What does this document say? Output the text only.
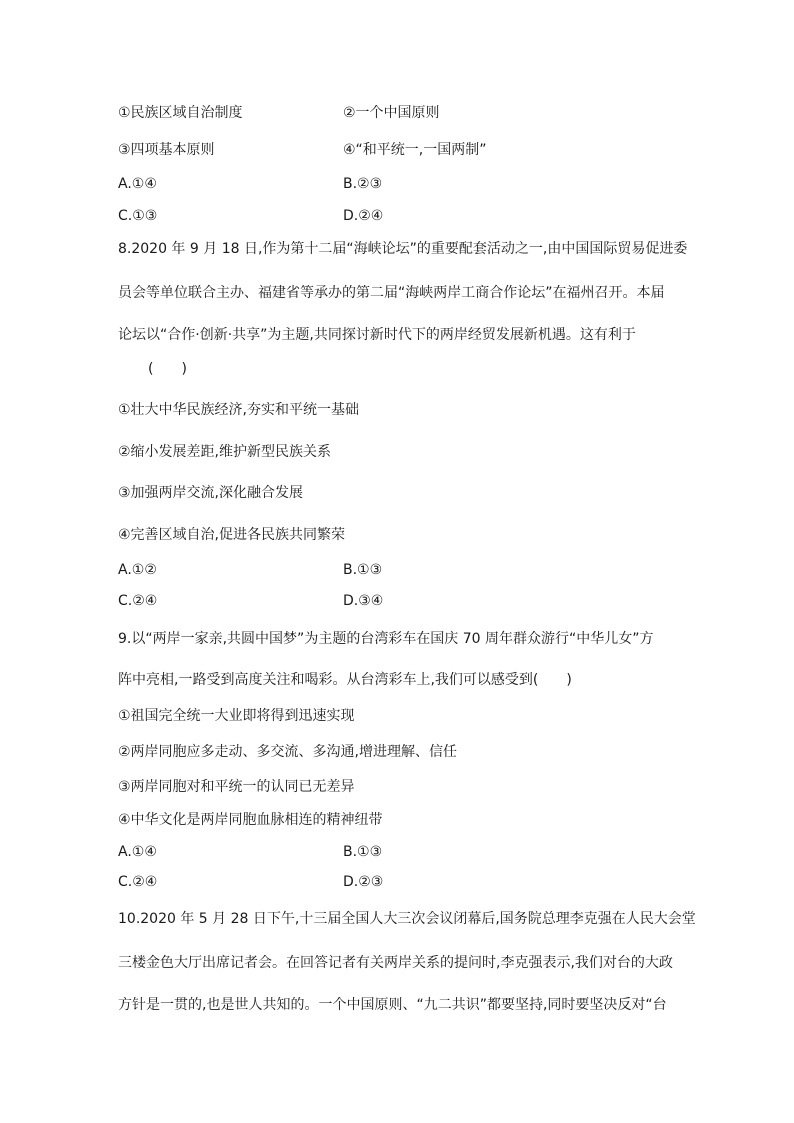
①民族区域自治制度	②一个中国原则
③四项基本原则	④“和平统一,一国两制”
A.①④	B.②③
C.①③	D.②④
8.2020 年 9 月 18 日,作为第十二届“海峡论坛”的重要配套活动之一,由中国国际贸易促进委
员会等单位联合主办、福建省等承办的第二届“海峡两岸工商合作论坛”在福州召开。本届
论坛以“合作·创新·共享”为主题,共同探讨新时代下的两岸经贸发展新机遇。这有利于
(　　)
①壮大中华民族经济,夯实和平统一基础
②缩小发展差距,维护新型民族关系
③加强两岸交流,深化融合发展
④完善区域自治,促进各民族共同繁荣
A.①②	B.①③
C.②④	D.③④
9.以“两岸一家亲,共圆中国梦”为主题的台湾彩车在国庆 70 周年群众游行“中华儿女”方
阵中亮相,一路受到高度关注和喝彩。从台湾彩车上,我们可以感受到(　　)
①祖国完全统一大业即将得到迅速实现
②两岸同胞应多走动、多交流、多沟通,增进理解、信任
③两岸同胞对和平统一的认同已无差异
④中华文化是两岸同胞血脉相连的精神纽带
A.①④	B.①③
C.②④	D.②③
10.2020 年 5 月 28 日下午,十三届全国人大三次会议闭幕后,国务院总理李克强在人民大会堂
三楼金色大厅出席记者会。在回答记者有关两岸关系的提问时,李克强表示,我们对台的大政
方针是一贯的,也是世人共知的。一个中国原则、“九二共识”都要坚持,同时要坚决反对“台
